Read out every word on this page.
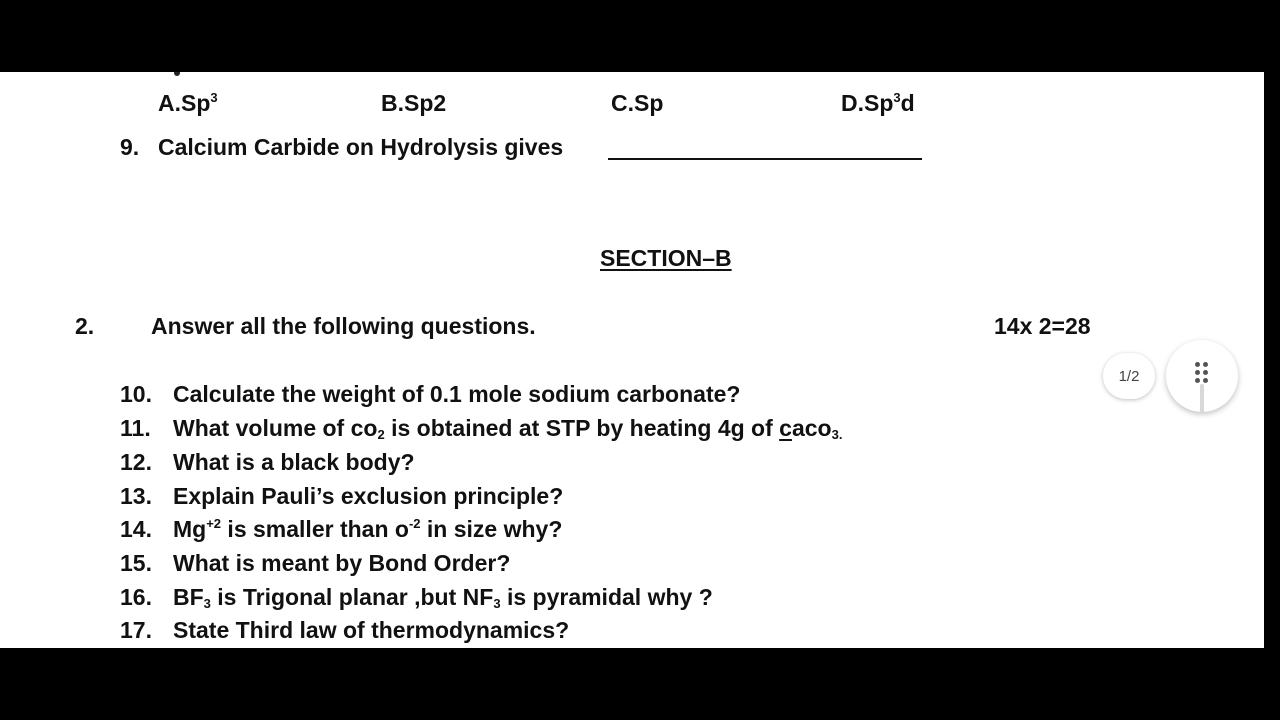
A.Sp$^3$	B.Sp2	C.Sp	D.Sp$^3$d
9. Calcium Carbide on Hydrolysis gives
SECTION–B
2. Answer all the following questions.	14x 2=28
10. Calculate the weight of 0.1 mole sodium carbonate?
11. What volume of $co_2$ is obtained at STP by heating 4g of caco$_{3.}$
12. What is a black body?
13. Explain Pauli’s exclusion principle?
14. $Mg^{+2}$ is smaller than $o^{-2}$ in size why?
15. What is meant by Bond Order?
16. $BF_3$ is Trigonal planar ,but $NF_3$ is pyramidal why ?
17. State Third law of thermodynamics?
1/2
